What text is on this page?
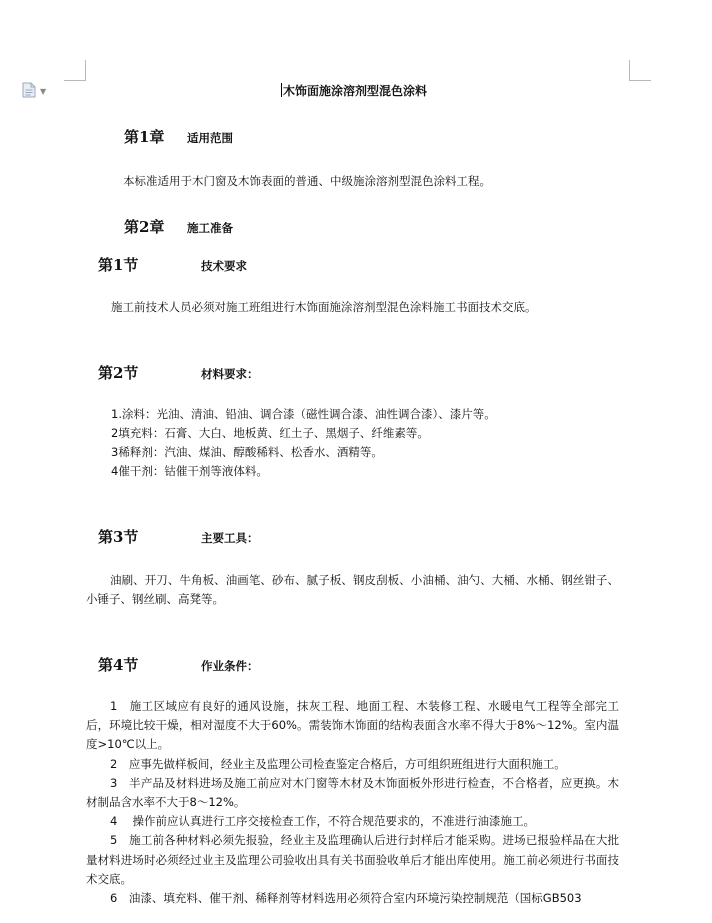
▼	木饰面施涂溶剂型混色涂料
第1章 适用范围
本标准适用于木门窗及木饰表面的普通、中级施涂溶剂型混色涂料工程。
第2章 施工准备
第1节	技术要求
施工前技术人员必须对施工班组进行木饰面施涂溶剂型混色涂料施工书面技术交底。
第2节	材料要求：
1.涂料：光油、清油、铅油、调合漆（磁性调合漆、油性调合漆）、漆片等。
2填充料：石膏、大白、地板黄、红土子、黑烟子、纤维素等。
3稀释剂：汽油、煤油、醇酸稀料、松香水、酒精等。
4催干剂：钴催干剂等液体料。
第3节	主要工具：

油刷、开刀、牛角板、油画笔、砂布、腻子板、钢皮刮板、小油桶、油勺、大桶、水桶、钢丝钳子、小锤子、钢丝刷、高凳等。

第4节	作业条件：

1　施工区域应有良好的通风设施，抹灰工程、地面工程、木装修工程、水暖电气工程等全部完工后，环境比较干燥，相对湿度不大于60%。需装饰木饰面的结构表面含水率不得大于8%～12%。室内温度>10℃以上。

2　应事先做样板间，经业主及监理公司检查鉴定合格后，方可组织班组进行大面积施工。

3　半产品及材料进场及施工前应对木门窗等木材及木饰面板外形进行检查，不合格者，应更换。木材制品含水率不大于8～12%。

4　 操作前应认真进行工序交接检查工作，不符合规范要求的，不准进行油漆施工。

5　施工前各种材料必须先报验，经业主及监理确认后进行封样后才能采购。进场已报验样品在大批量材料进场时必须经过业主及监理公司验收出具有关书面验收单后才能出库使用。施工前必须进行书面技术交底。

6　油漆、填充料、催干剂、稀释剂等材料选用必须符合室内环境污染控制规范（国标GB503
